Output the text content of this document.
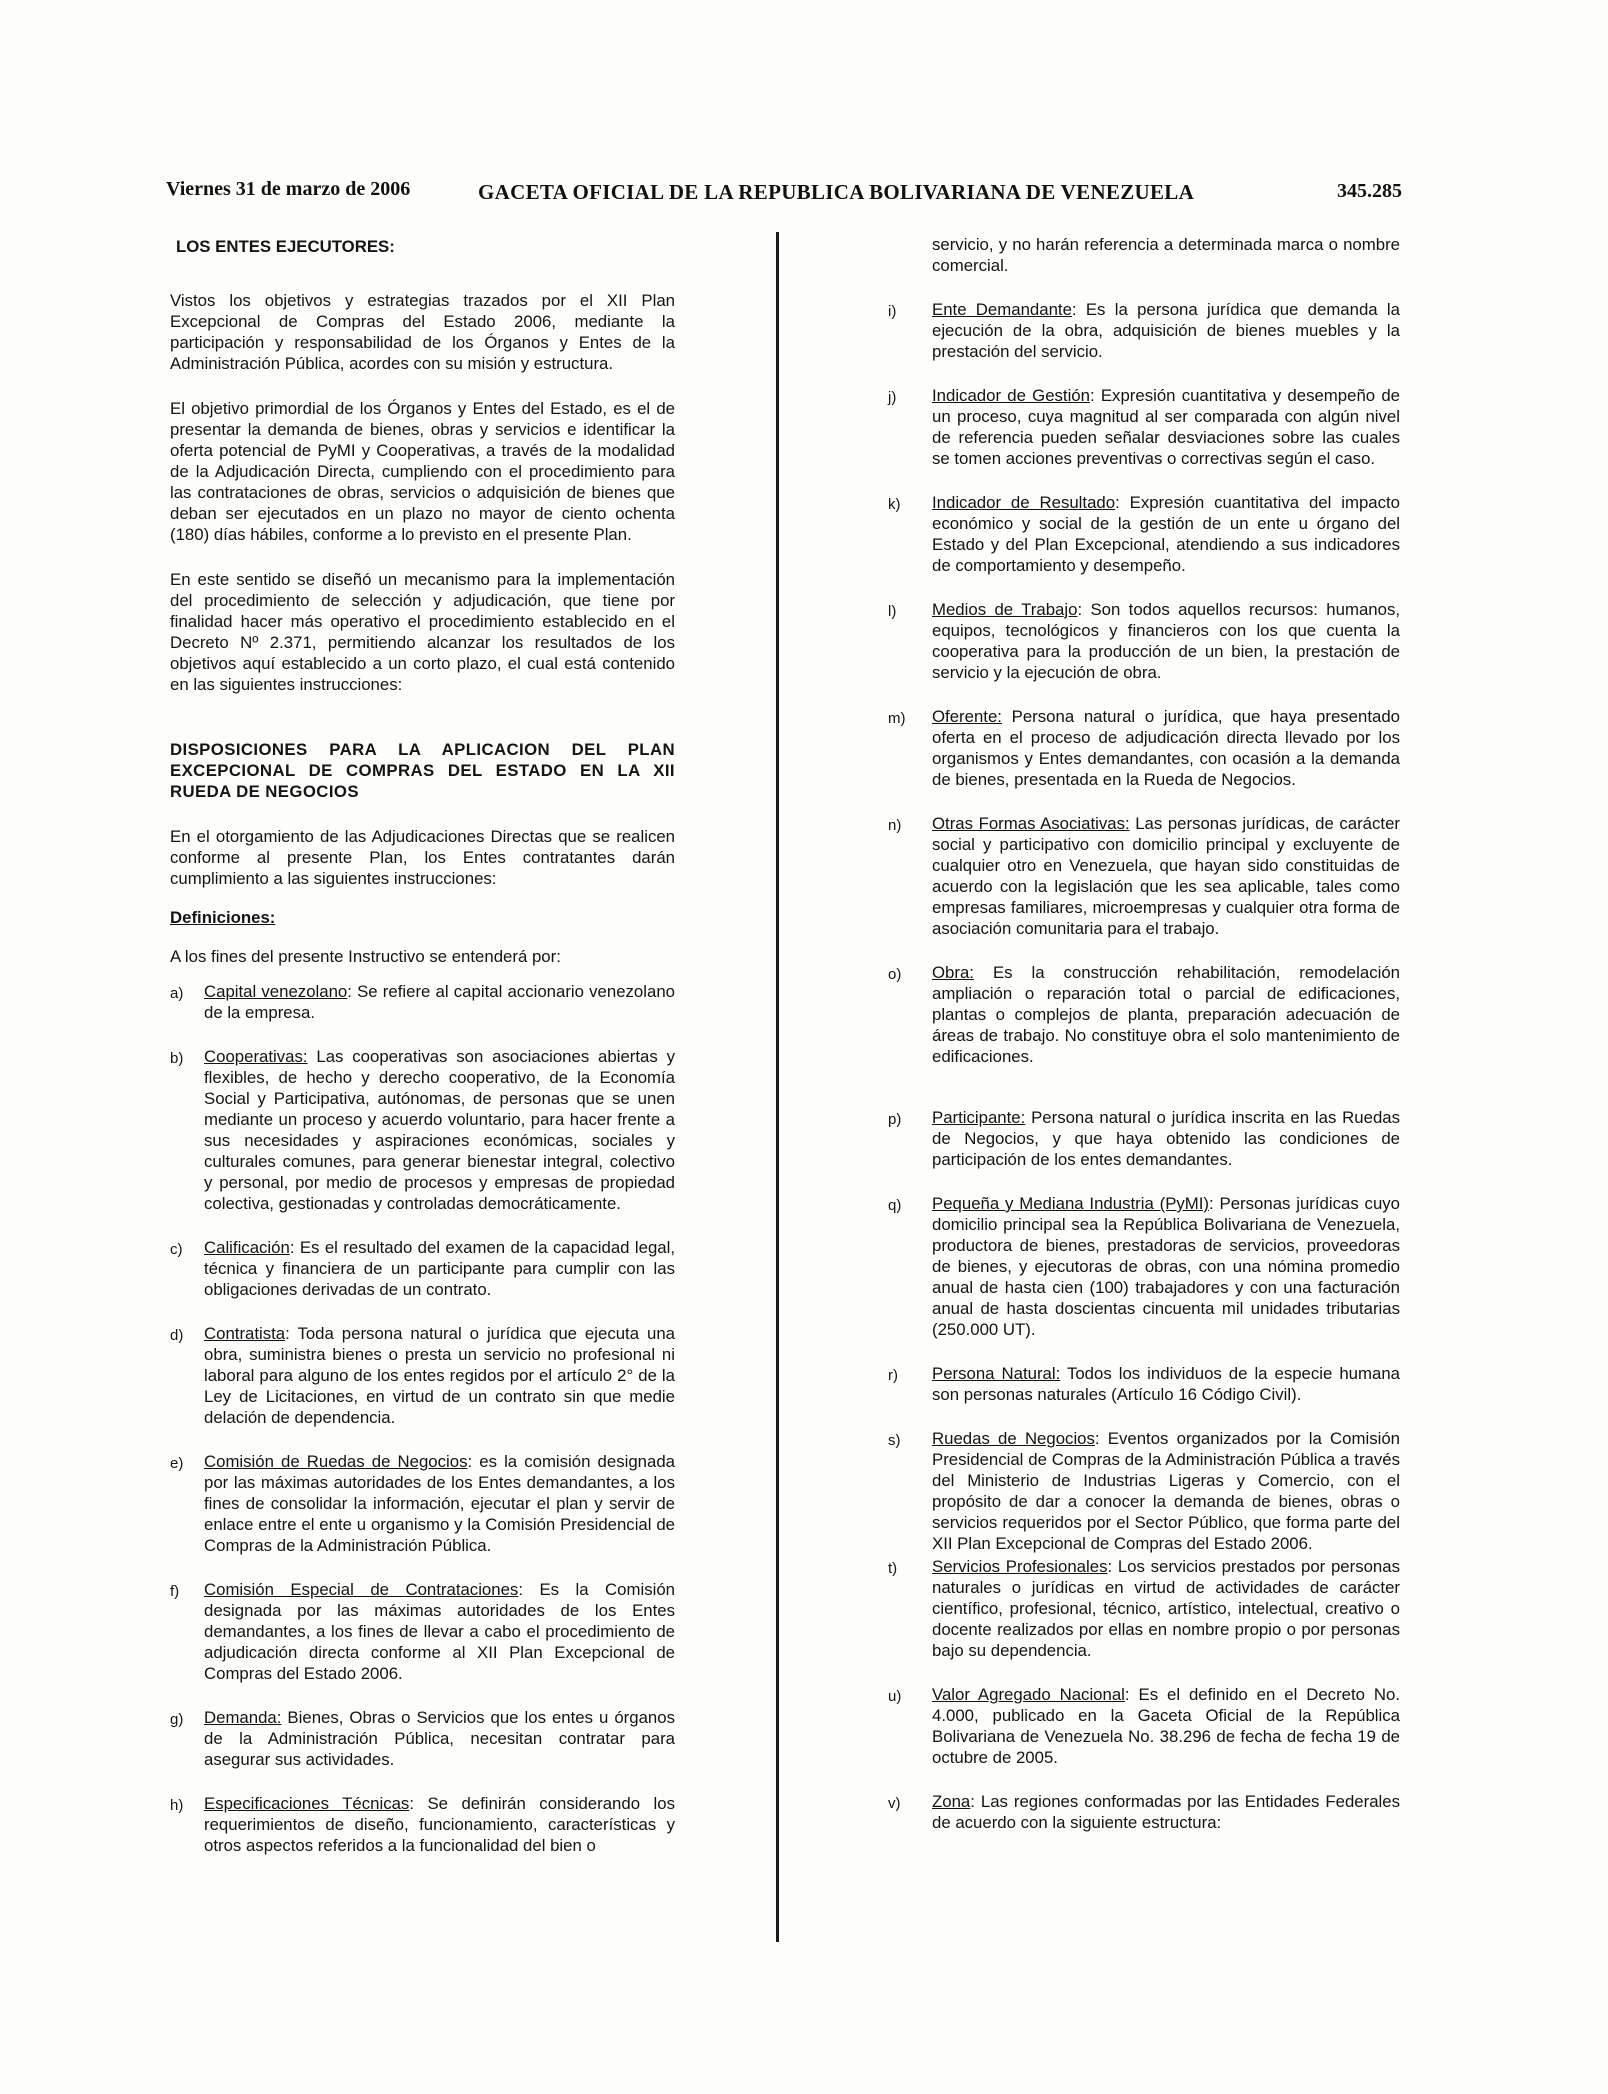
Viernes 31 de marzo de 2006	GACETA OFICIAL DE LA REPUBLICA BOLIVARIANA DE VENEZUELA	345.285

LOS ENTES EJECUTORES:

Vistos los objetivos y estrategias trazados por el XII Plan Excepcional de Compras del Estado 2006, mediante la participación y responsabilidad de los Órganos y Entes de la Administración Pública, acordes con su misión y estructura.

El objetivo primordial de los Órganos y Entes del Estado, es el de presentar la demanda de bienes, obras y servicios e identificar la oferta potencial de PyMI y Cooperativas, a través de la modalidad de la Adjudicación Directa, cumpliendo con el procedimiento para las contrataciones de obras, servicios o adquisición de bienes que deban ser ejecutados en un plazo no mayor de ciento ochenta (180) días hábiles, conforme a lo previsto en el presente Plan.

En este sentido se diseñó un mecanismo para la implementación del procedimiento de selección y adjudicación, que tiene por finalidad hacer más operativo el procedimiento establecido en el Decreto Nº 2.371, permitiendo alcanzar los resultados de los objetivos aquí establecido a un corto plazo, el cual está contenido en las siguientes instrucciones:

DISPOSICIONES PARA LA APLICACION DEL PLAN EXCEPCIONAL DE COMPRAS DEL ESTADO EN LA XII RUEDA DE NEGOCIOS

En el otorgamiento de las Adjudicaciones Directas que se realicen conforme al presente Plan, los Entes contratantes darán cumplimiento a las siguientes instrucciones:

Definiciones:

A los fines del presente Instructivo se entenderá por:

a) Capital venezolano: Se refiere al capital accionario venezolano de la empresa.
b) Cooperativas: Las cooperativas son asociaciones abiertas y flexibles, de hecho y derecho cooperativo, de la Economía Social y Participativa, autónomas, de personas que se unen mediante un proceso y acuerdo voluntario, para hacer frente a sus necesidades y aspiraciones económicas, sociales y culturales comunes, para generar bienestar integral, colectivo y personal, por medio de procesos y empresas de propiedad colectiva, gestionadas y controladas democráticamente.
c) Calificación: Es el resultado del examen de la capacidad legal, técnica y financiera de un participante para cumplir con las obligaciones derivadas de un contrato.
d) Contratista: Toda persona natural o jurídica que ejecuta una obra, suministra bienes o presta un servicio no profesional ni laboral para alguno de los entes regidos por el artículo 2° de la Ley de Licitaciones, en virtud de un contrato sin que medie delación de dependencia.
e) Comisión de Ruedas de Negocios: es la comisión designada por las máximas autoridades de los Entes demandantes, a los fines de consolidar la información, ejecutar el plan y servir de enlace entre el ente u organismo y la Comisión Presidencial de Compras de la Administración Pública.
f) Comisión Especial de Contrataciones: Es la Comisión designada por las máximas autoridades de los Entes demandantes, a los fines de llevar a cabo el procedimiento de adjudicación directa conforme al XII Plan Excepcional de Compras del Estado 2006.
g) Demanda: Bienes, Obras o Servicios que los entes u órganos de la Administración Pública, necesitan contratar para asegurar sus actividades.
h) Especificaciones Técnicas: Se definirán considerando los requerimientos de diseño, funcionamiento, características y otros aspectos referidos a la funcionalidad del bien o

servicio, y no harán referencia a determinada marca o nombre comercial.

i) Ente Demandante: Es la persona jurídica que demanda la ejecución de la obra, adquisición de bienes muebles y la prestación del servicio.
j) Indicador de Gestión: Expresión cuantitativa y desempeño de un proceso, cuya magnitud al ser comparada con algún nivel de referencia pueden señalar desviaciones sobre las cuales se tomen acciones preventivas o correctivas según el caso.
k) Indicador de Resultado: Expresión cuantitativa del impacto económico y social de la gestión de un ente u órgano del Estado y del Plan Excepcional, atendiendo a sus indicadores de comportamiento y desempeño.
l) Medios de Trabajo: Son todos aquellos recursos: humanos, equipos, tecnológicos y financieros con los que cuenta la cooperativa para la producción de un bien, la prestación de servicio y la ejecución de obra.
m) Oferente: Persona natural o jurídica, que haya presentado oferta en el proceso de adjudicación directa llevado por los organismos y Entes demandantes, con ocasión a la demanda de bienes, presentada en la Rueda de Negocios.
n) Otras Formas Asociativas: Las personas jurídicas, de carácter social y participativo con domicilio principal y excluyente de cualquier otro en Venezuela, que hayan sido constituidas de acuerdo con la legislación que les sea aplicable, tales como empresas familiares, microempresas y cualquier otra forma de asociación comunitaria para el trabajo.
o) Obra: Es la construcción rehabilitación, remodelación ampliación o reparación total o parcial de edificaciones, plantas o complejos de planta, preparación adecuación de áreas de trabajo. No constituye obra el solo mantenimiento de edificaciones.
p) Participante: Persona natural o jurídica inscrita en las Ruedas de Negocios, y que haya obtenido las condiciones de participación de los entes demandantes.
q) Pequeña y Mediana Industria (PyMI): Personas jurídicas cuyo domicilio principal sea la República Bolivariana de Venezuela, productora de bienes, prestadoras de servicios, proveedoras de bienes, y ejecutoras de obras, con una nómina promedio anual de hasta cien (100) trabajadores y con una facturación anual de hasta doscientas cincuenta mil unidades tributarias (250.000 UT).
r) Persona Natural: Todos los individuos de la especie humana son personas naturales (Artículo 16 Código Civil).
s) Ruedas de Negocios: Eventos organizados por la Comisión Presidencial de Compras de la Administración Pública a través del Ministerio de Industrias Ligeras y Comercio, con el propósito de dar a conocer la demanda de bienes, obras o servicios requeridos por el Sector Público, que forma parte del XII Plan Excepcional de Compras del Estado 2006.
t) Servicios Profesionales: Los servicios prestados por personas naturales o jurídicas en virtud de actividades de carácter científico, profesional, técnico, artístico, intelectual, creativo o docente realizados por ellas en nombre propio o por personas bajo su dependencia.
u) Valor Agregado Nacional: Es el definido en el Decreto No. 4.000, publicado en la Gaceta Oficial de la República Bolivariana de Venezuela No. 38.296 de fecha de fecha 19 de octubre de 2005.
v) Zona: Las regiones conformadas por las Entidades Federales de acuerdo con la siguiente estructura:
